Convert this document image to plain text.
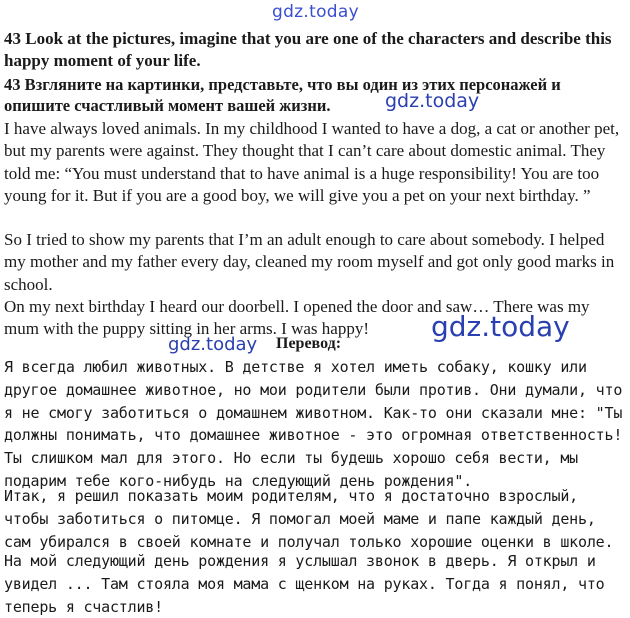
gdz.today

43 Look at the pictures, imagine that you are one of the characters and describe this happy moment of your life.

43 Взгляните на картинки, представьте, что вы один из этих персонажей и опишите счастливый момент вашей жизни.	gdz.today

I have always loved animals. In my childhood I wanted to have a dog, a cat or another pet, but my parents were against. They thought that I can’t care about domestic animal. They told me: “You must understand that to have animal is a huge responsibility! You are too young for it. But if you are a good boy, we will give you a pet on your next birthday. ”

So I tried to show my parents that I’m an adult enough to care about somebody. I helped my mother and my father every day, cleaned my room myself and got only good marks in school.

On my next birthday I heard our doorbell. I opened the door and saw… There was my mum with the puppy sitting in her arms. I was happy!	gdz.today
gdz.today Перевод:

Я всегда любил животных. В детстве я хотел иметь собаку, кошку или другое домашнее животное, но мои родители были против. Они думали, что я не смогу заботиться о домашнем животном. Как-то они сказали мне: "Ты должны понимать, что домашнее животное - это огромная ответственность! Ты слишком мал для этого. Но если ты будешь хорошо себя вести, мы подарим тебе кого-нибудь на следующий день рождения".

Итак, я решил показать моим родителям, что я достаточно взрослый, чтобы заботиться о питомце. Я помогал моей маме и папе каждый день, сам убирался в своей комнате и получал только хорошие оценки в школе.

На мой следующий день рождения я услышал звонок в дверь. Я открыл и увидел ... Там стояла моя мама с щенком на руках. Тогда я понял, что теперь я счастлив!
